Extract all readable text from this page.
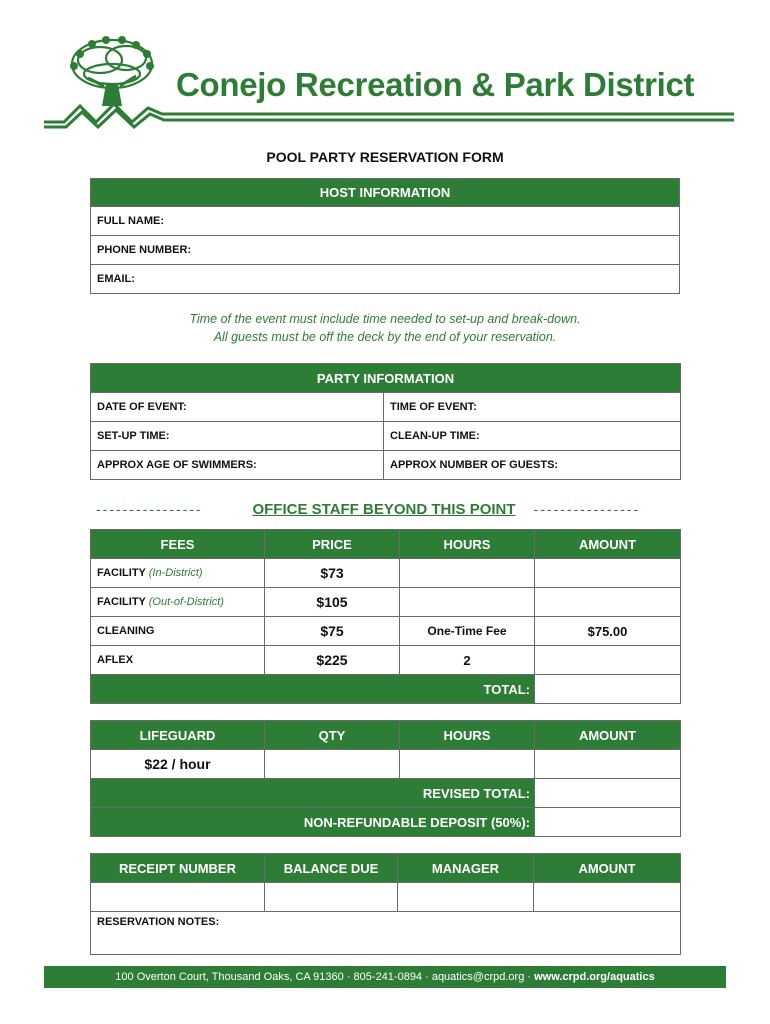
Conejo Recreation & Park District
POOL PARTY RESERVATION FORM
HOST INFORMATION
FULL NAME:
PHONE NUMBER:
EMAIL:
Time of the event must include time needed to set-up and break-down.
All guests must be off the deck by the end of your reservation.
PARTY INFORMATION	
DATE OF EVENT:	TIME OF EVENT:
SET-UP TIME:	CLEAN-UP TIME:
APPROX AGE OF SWIMMERS:	APPROX NUMBER OF GUESTS:
----------------	OFFICE STAFF BEYOND THIS POINT	----------------
FEES	PRICE	HOURS	AMOUNT
FACILITY (In-District)	$73		
FACILITY (Out-of-District)	$105		
CLEANING	$75	One-Time Fee	$75.00
AFLEX	$225	2	
TOTAL:			
LIFEGUARD	QTY	HOURS	AMOUNT
$22 / hour			
REVISED TOTAL:			
NON-REFUNDABLE DEPOSIT (50%):			
RECEIPT NUMBER	BALANCE DUE	MANAGER	AMOUNT

RESERVATION NOTES:			
100 Overton Court, Thousand Oaks, CA 91360 · 805-241-0894 · aquatics@crpd.org · www.crpd.org/aquatics
